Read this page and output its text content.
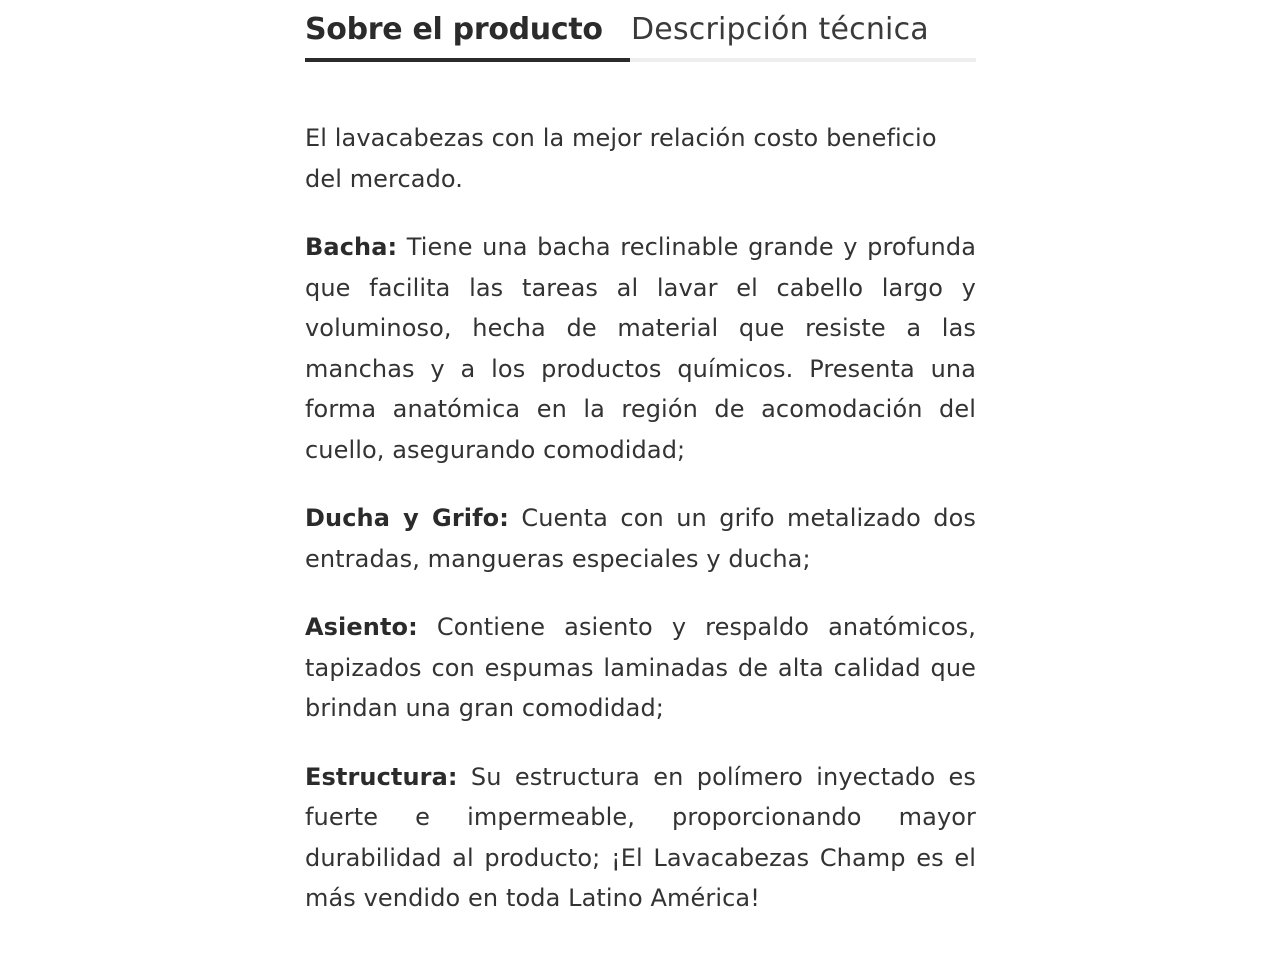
Sobre el producto Descripción técnica

El lavacabezas con la mejor relación costo beneficio del mercado.

Bacha: Tiene una bacha reclinable grande y profunda que facilita las tareas al lavar el cabello largo y voluminoso, hecha de material que resiste a las manchas y a los productos químicos. Presenta una forma anatómica en la región de acomodación del cuello, asegurando comodidad;

Ducha y Grifo: Cuenta con un grifo metalizado dos entradas, mangueras especiales y ducha;

Asiento: Contiene asiento y respaldo anatómicos, tapizados con espumas laminadas de alta calidad que brindan una gran comodidad;

Estructura: Su estructura en polímero inyectado es fuerte e impermeable, proporcionando mayor durabilidad al producto; ¡El Lavacabezas Champ es el más vendido en toda Latino América!
